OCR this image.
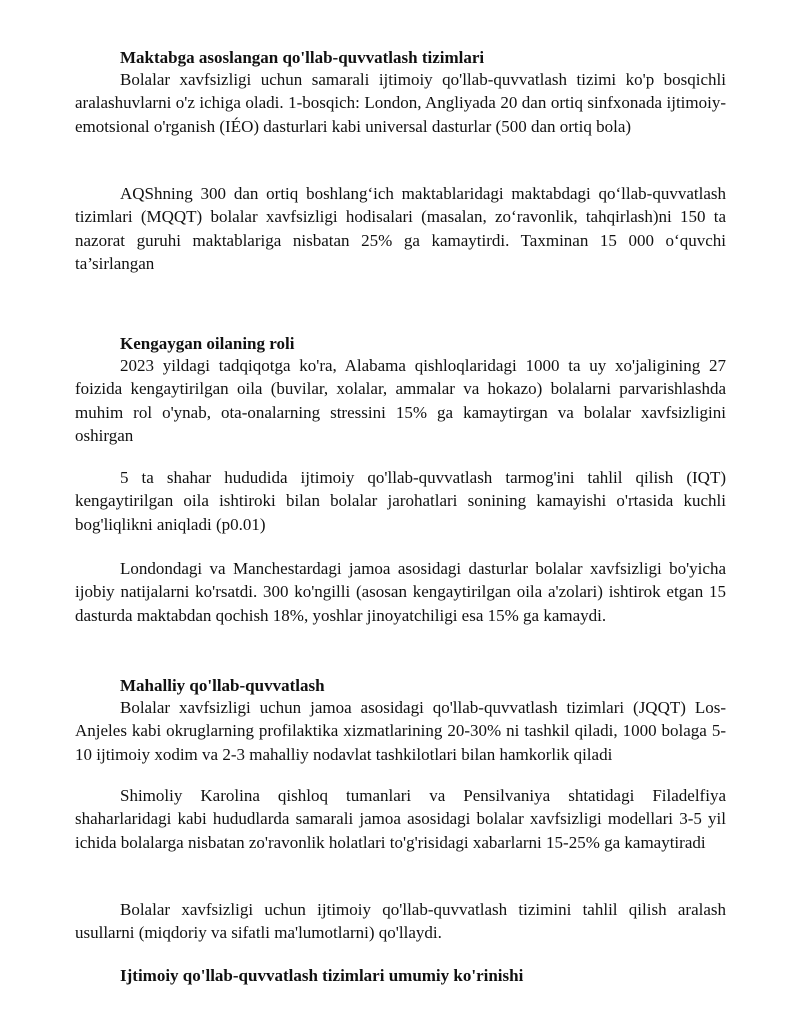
Maktabga asoslangan qo'llab-quvvatlash tizimlari

Bolalar xavfsizligi uchun samarali ijtimoiy qo'llab-quvvatlash tizimi ko'p bosqichli aralashuvlarni o'z ichiga oladi. 1-bosqich: London, Angliyada 20 dan ortiq sinfxonada ijtimoiy-emotsional o'rganish (IÉO) dasturlari kabi universal dasturlar (500 dan ortiq bola)

AQShning 300 dan ortiq boshlang‘ich maktablaridagi maktabdagi qo‘llab-quvvatlash tizimlari (MQQT) bolalar xavfsizligi hodisalari (masalan, zo‘ravonlik, tahqirlash)ni 150 ta nazorat guruhi maktablariga nisbatan 25% ga kamaytirdi. Taxminan 15 000 o‘quvchi ta’sirlangan

Kengaygan oilaning roli

2023 yildagi tadqiqotga ko'ra, Alabama qishloqlaridagi 1000 ta uy xo'jaligining 27 foizida kengaytirilgan oila (buvilar, xolalar, ammalar va hokazo) bolalarni parvarishlashda muhim rol o'ynab, ota-onalarning stressini 15% ga kamaytirgan va bolalar xavfsizligini oshirgan

5 ta shahar hududida ijtimoiy qo'llab-quvvatlash tarmog'ini tahlil qilish (IQT) kengaytirilgan oila ishtiroki bilan bolalar jarohatlari sonining kamayishi o'rtasida kuchli bog'liqlikni aniqladi (p0.01)

Londondagi va Manchestardagi jamoa asosidagi dasturlar bolalar xavfsizligi bo'yicha ijobiy natijalarni ko'rsatdi. 300 ko'ngilli (asosan kengaytirilgan oila a'zolari) ishtirok etgan 15 dasturda maktabdan qochish 18%, yoshlar jinoyatchiligi esa 15% ga kamaydi.

Mahalliy qo'llab-quvvatlash

Bolalar xavfsizligi uchun jamoa asosidagi qo'llab-quvvatlash tizimlari (JQQT) Los-Anjeles kabi okruglarning profilaktika xizmatlarining 20-30% ni tashkil qiladi, 1000 bolaga 5-10 ijtimoiy xodim va 2-3 mahalliy nodavlat tashkilotlari bilan hamkorlik qiladi

Shimoliy Karolina qishloq tumanlari va Pensilvaniya shtatidagi Filadelfiya shaharlaridagi kabi hududlarda samarali jamoa asosidagi bolalar xavfsizligi modellari 3-5 yil ichida bolalarga nisbatan zo'ravonlik holatlari to'g'risidagi xabarlarni 15-25% ga kamaytiradi

Bolalar xavfsizligi uchun ijtimoiy qo'llab-quvvatlash tizimini tahlil qilish aralash usullarni (miqdoriy va sifatli ma'lumotlarni) qo'llaydi.

Ijtimoiy qo'llab-quvvatlash tizimlari umumiy ko'rinishi
